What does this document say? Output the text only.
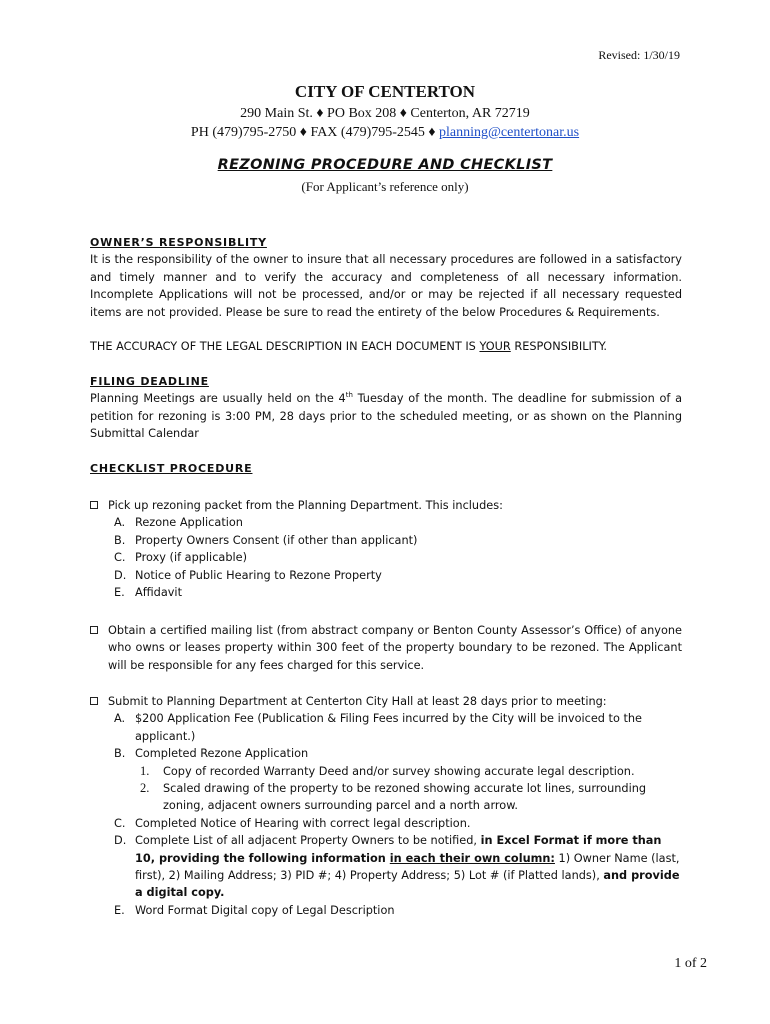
Revised: 1/30/19
CITY OF CENTERTON
290 Main St. ♦ PO Box 208 ♦ Centerton, AR 72719
PH (479)795-2750 ♦ FAX (479)795-2545 ♦ planning@centertonar.us
REZONING PROCEDURE AND CHECKLIST
(For Applicant’s reference only)
OWNER’S RESPONSIBLITY
It is the responsibility of the owner to insure that all necessary procedures are followed in a satisfactory and timely manner and to verify the accuracy and completeness of all necessary information. Incomplete Applications will not be processed, and/or or may be rejected if all necessary requested items are not provided. Please be sure to read the entirety of the below Procedures & Requirements.
THE ACCURACY OF THE LEGAL DESCRIPTION IN EACH DOCUMENT IS YOUR RESPONSIBILITY.
FILING DEADLINE
Planning Meetings are usually held on the 4th Tuesday of the month. The deadline for submission of a petition for rezoning is 3:00 PM, 28 days prior to the scheduled meeting, or as shown on the Planning Submittal Calendar
CHECKLIST PROCEDURE
Pick up rezoning packet from the Planning Department. This includes:
A. Rezone Application
B. Property Owners Consent (if other than applicant)
C. Proxy (if applicable)
D. Notice of Public Hearing to Rezone Property
E. Affidavit
Obtain a certified mailing list (from abstract company or Benton County Assessor’s Office) of anyone who owns or leases property within 300 feet of the property boundary to be rezoned. The Applicant will be responsible for any fees charged for this service.
Submit to Planning Department at Centerton City Hall at least 28 days prior to meeting:
A. $200 Application Fee (Publication & Filing Fees incurred by the City will be invoiced to the applicant.)
B. Completed Rezone Application
1. Copy of recorded Warranty Deed and/or survey showing accurate legal description.
2. Scaled drawing of the property to be rezoned showing accurate lot lines, surrounding zoning, adjacent owners surrounding parcel and a north arrow.
C. Completed Notice of Hearing with correct legal description.
D. Complete List of all adjacent Property Owners to be notified, in Excel Format if more than 10, providing the following information in each their own column: 1) Owner Name (last, first), 2) Mailing Address; 3) PID #; 4) Property Address; 5) Lot # (if Platted lands), and provide a digital copy.
E. Word Format Digital copy of Legal Description
1 of 2
